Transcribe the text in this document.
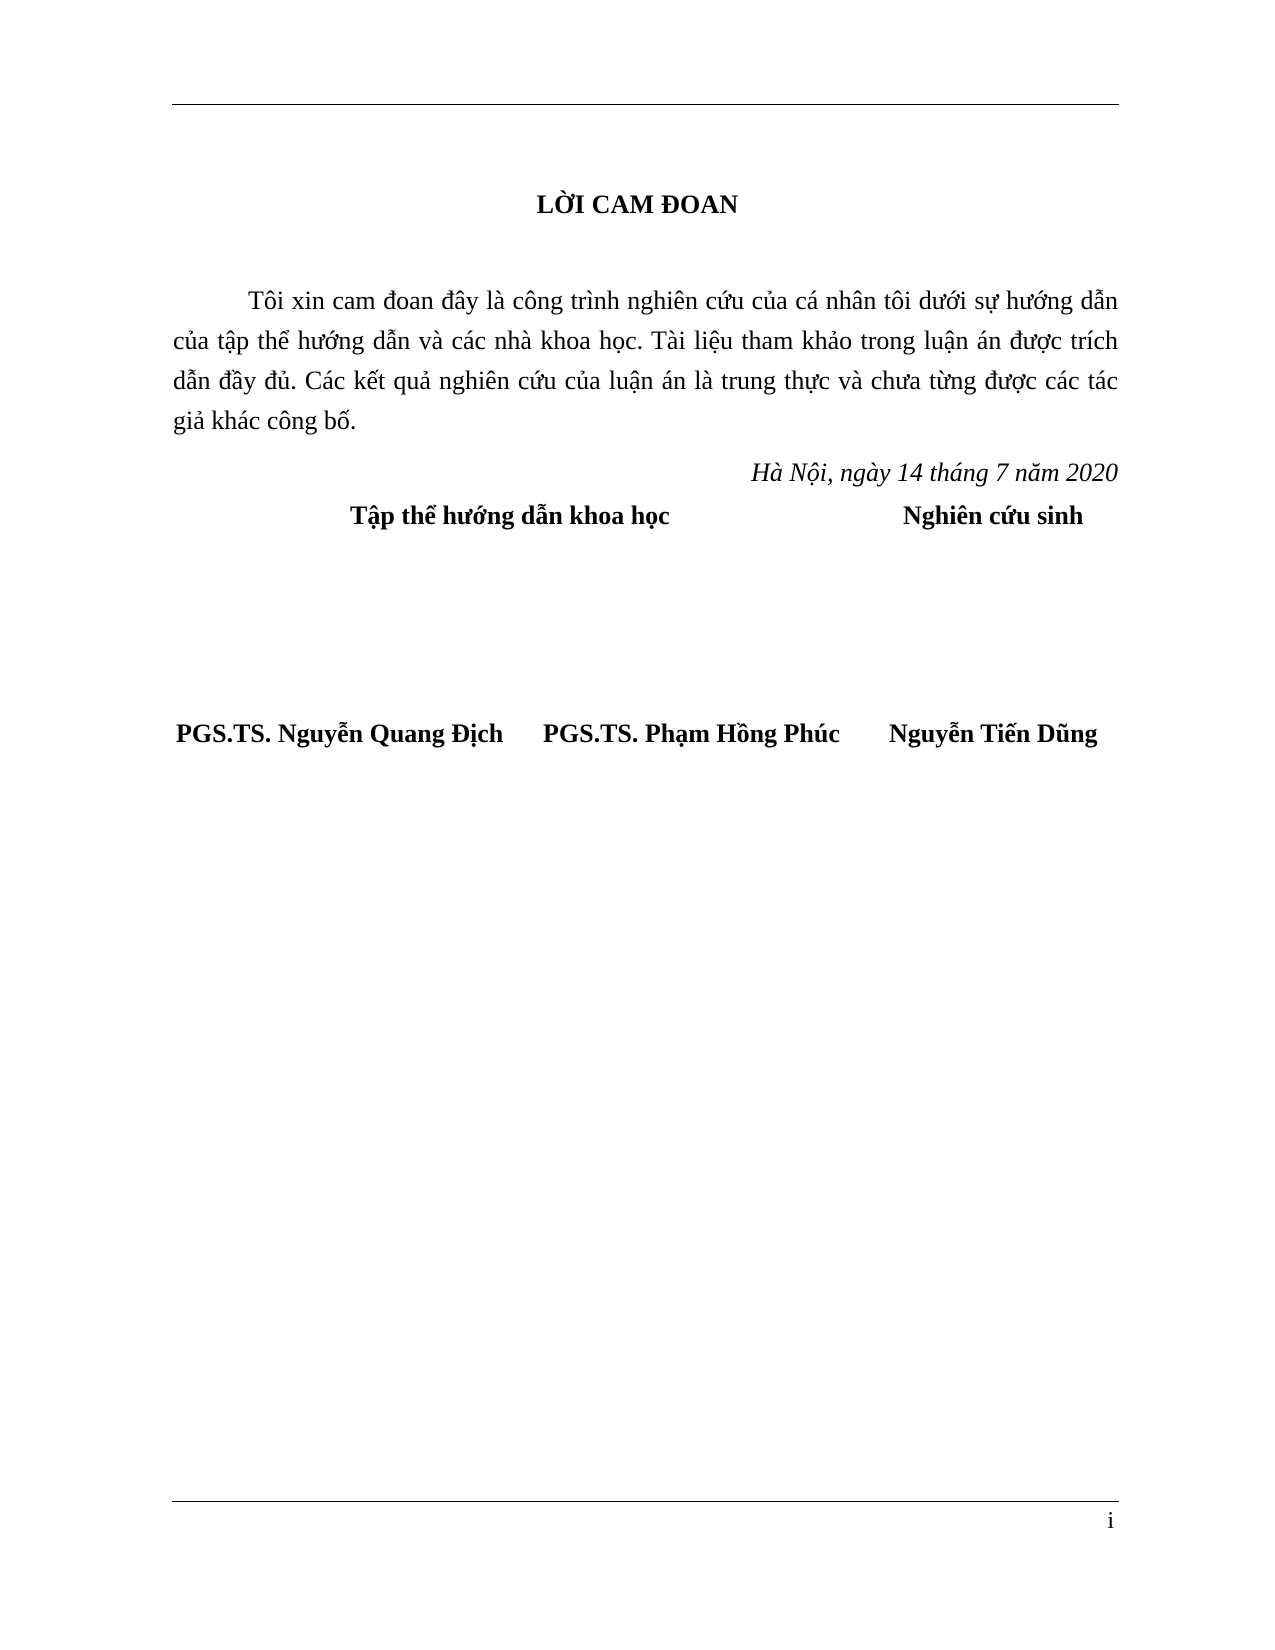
LỜI CAM ĐOAN

Tôi xin cam đoan đây là công trình nghiên cứu của cá nhân tôi dưới sự hướng dẫn của tập thể hướng dẫn và các nhà khoa học. Tài liệu tham khảo trong luận án được trích dẫn đầy đủ. Các kết quả nghiên cứu của luận án là trung thực và chưa từng được các tác giả khác công bố.

Hà Nội, ngày 14 tháng 7 năm 2020
Tập thể hướng dẫn khoa học	Nghiên cứu sinh
PGS.TS. Nguyễn Quang Địch PGS.TS. Phạm Hồng Phúc Nguyễn Tiến Dũng
i
